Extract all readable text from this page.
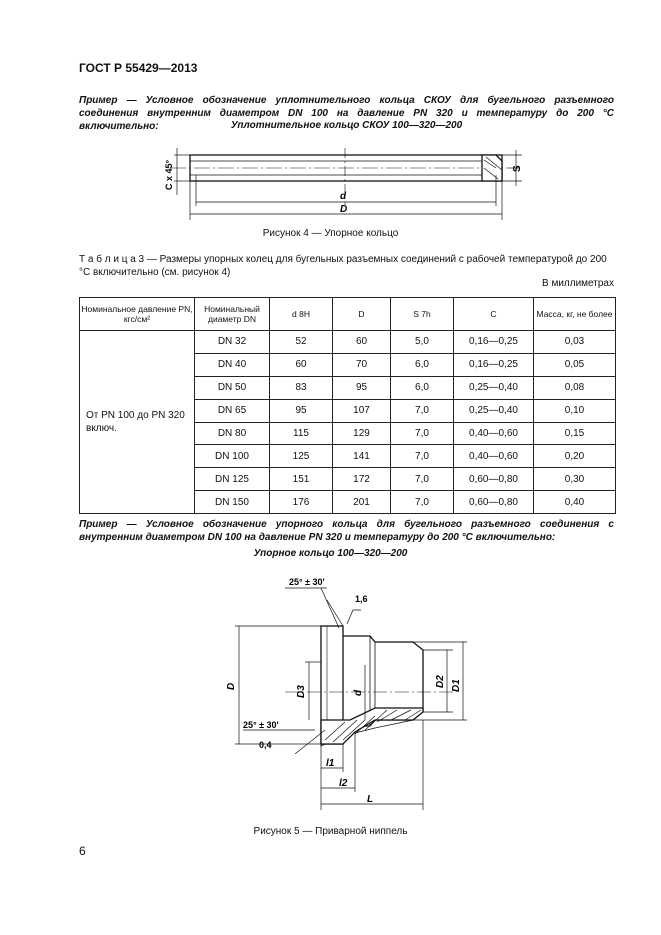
ГОСТ Р 55429—2013
Пример — Условное обозначение уплотнительного кольца СКОУ для бугельного разъемного соединения внутренним диаметром DN 100 на давление PN 320 и температуру до 200 °С включительно:	Уплотнительное кольцо СКОУ 100—320—200
C x 45°	S
d
D
Рисунок 4 — Упорное кольцо
Т а б л и ц а 3 — Размеры упорных колец для бугельных разъемных соединений с рабочей температурой до 200 °С включительно (см. рисунок 4)
В миллиметрах
Номинальное давление PN, кгс/см²	Номинальный диаметр DN	d 8H	D	S 7h	C	Масса, кг, не более
От PN 100 до PN 320 включ.	DN 32	52	60	5,0	0,16—0,25	0,03
	DN 40	60	70	6,0	0,16—0,25	0,05
	DN 50	83	95	6,0	0,25—0,40	0,08
	DN 65	95	107	7,0	0,25—0,40	0,10
	DN 80	115	129	7,0	0,40—0,60	0,15
	DN 100	125	141	7,0	0,40—0,60	0,20
	DN 125	151	172	7,0	0,60—0,80	0,30
	DN 150	176	201	7,0	0,60—0,80	0,40
Пример — Условное обозначение упорного кольца для бугельного разъемного соединения с внутренним диаметром DN 100 на давление PN 320 и температуру до 200 °С включительно:
Упорное кольцо 100—320—200
25° ± 30'
1,6
25° ± 30'
0,4
D	D3	d
D2 D1
l1
l2
L
Рисунок 5 — Приварной ниппель
6
